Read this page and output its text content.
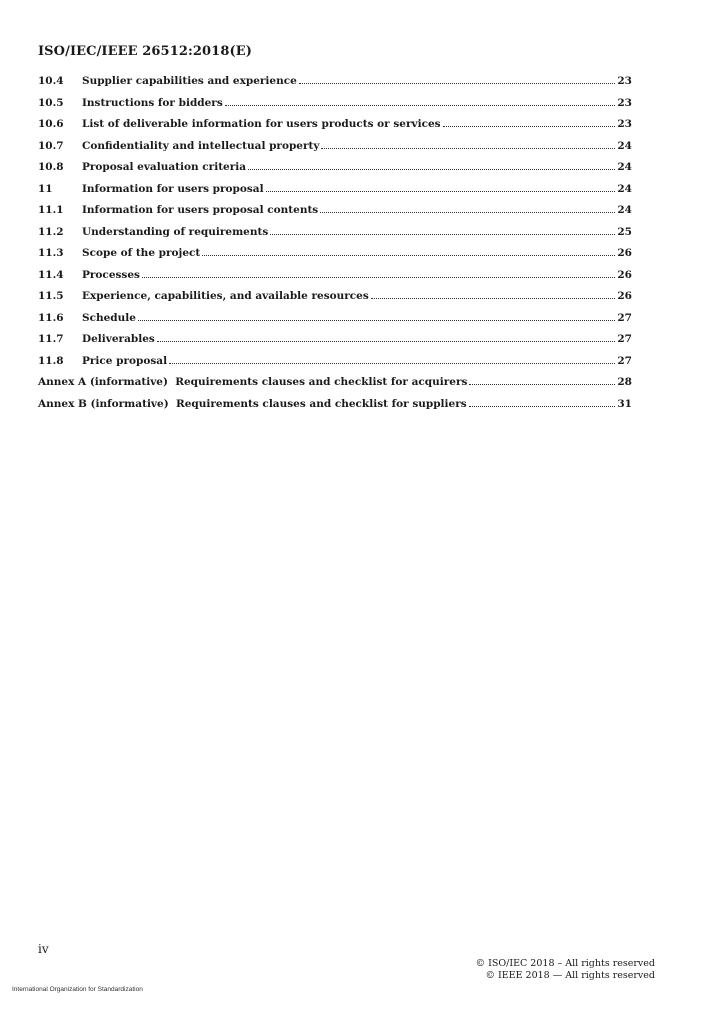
ISO/IEC/IEEE 26512:2018(E)
10.4	Supplier capabilities and experience	23
10.5	Instructions for bidders	23
10.6	List of deliverable information for users products or services	23
10.7	Confidentiality and intellectual property	24
10.8	Proposal evaluation criteria	24
11	Information for users proposal	24
11.1	Information for users proposal contents	24
11.2	Understanding of requirements	25
11.3	Scope of the project	26
11.4	Processes	26
11.5	Experience, capabilities, and available resources	26
11.6	Schedule	27
11.7	Deliverables	27
11.8	Price proposal	27
Annex A (informative)  Requirements clauses and checklist for acquirers	28
Annex B (informative)  Requirements clauses and checklist for suppliers	31
iv
© ISO/IEC 2018 – All rights reserved
© IEEE 2018 — All rights reserved
International Organization for Standardization
